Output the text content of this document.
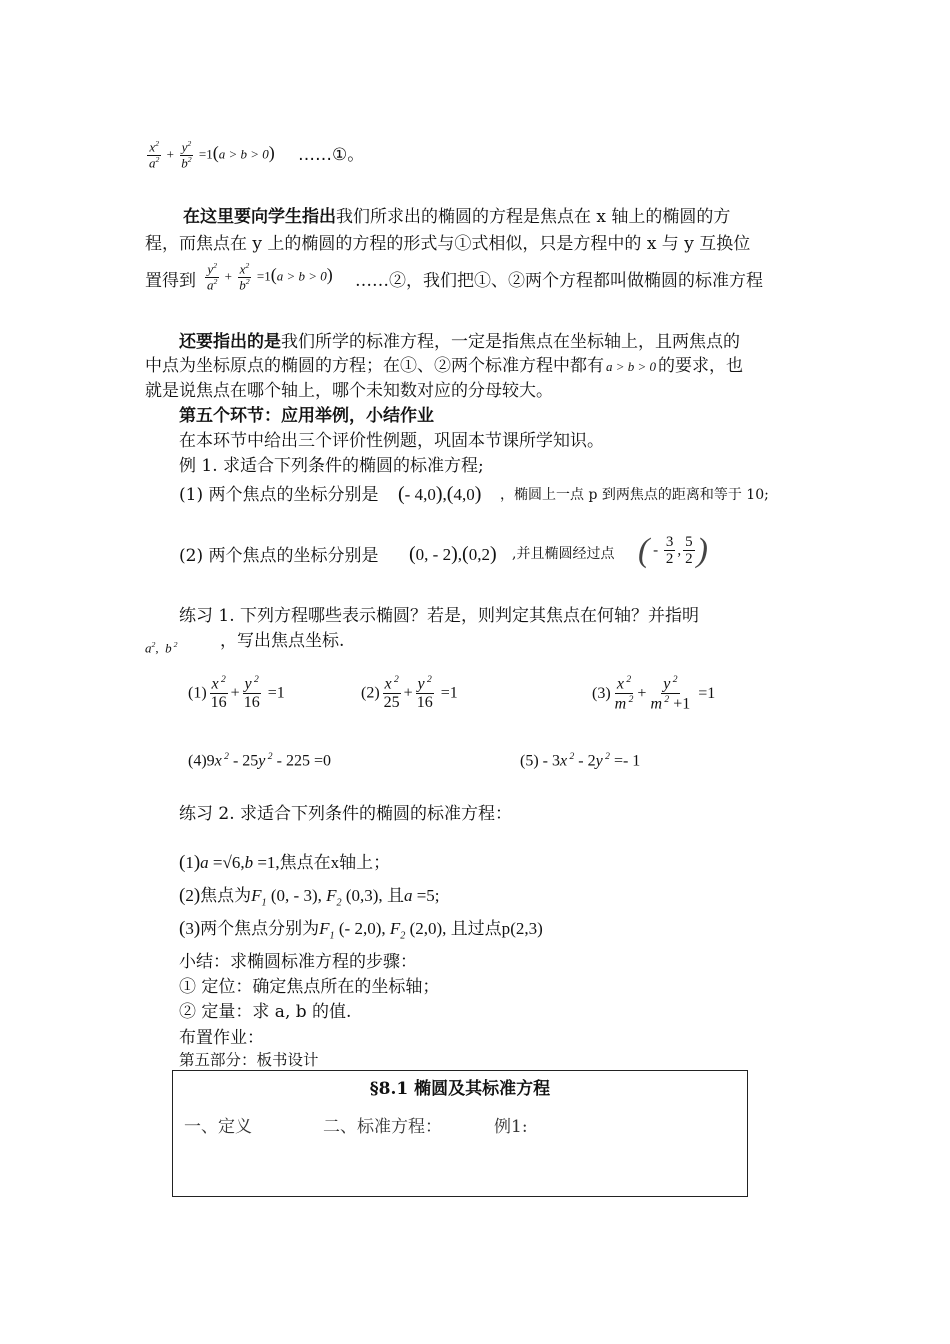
$\frac{x^2}{a^2} + \frac{y^2}{b^2} =1(a > b > 0)$ ……①。
在这里要向学生指出我们所求出的椭圆的方程是焦点在 x 轴上的椭圆的方
程，而焦点在 y 上的椭圆的方程的形式与①式相似，只是方程中的 x 与 y 互换位
置得到 $\frac{y^2}{a^2} + \frac{x^2}{b^2} =1(a > b > 0)$ ……②，我们把①、②两个方程都叫做椭圆的标准方程
还要指出的是我们所学的标准方程，一定是指焦点在坐标轴上，且两焦点的
中点为坐标原点的椭圆的方程；在①、②两个标准方程中都有 a > b > 0 的要求，也
就是说焦点在哪个轴上，哪个未知数对应的分母较大。
第五个环节：应用举例，小结作业
在本环节中给出三个评价性例题，巩固本节课所学知识。
例 1. 求适合下列条件的椭圆的标准方程;
(1) 两个焦点的坐标分别是 (- 4,0),(4,0) ，椭圆上一点 p 到两焦点的距离和等于 10;
(2) 两个焦点的坐标分别是 (0, - 2),(0,2) ,并且椭圆经过点 ( - $\frac{3}{2}$ , $\frac{5}{2}$ )
练习 1. 下列方程哪些表示椭圆？若是，则判定其焦点在何轴？并指明
$a^2$,  b $^2$ ，写出焦点坐标.
$(1) \frac{x ^2}{16} + \frac{y ^2}{16} =1$	$(2) \frac{x ^2}{25} + \frac{y ^2}{16} =1$	$(3) \frac{x ^2}{m ^2} + \frac{y ^2}{m ^2 +1} =1$
(4)9x $^2$ - 25y $^2$ - 225 =0	(5) - 3x $^2$ - 2y $^2$ =- 1
练习 2. 求适合下列条件的椭圆的标准方程：
(1)a =√6,b =1,焦点在x轴上；
(2)焦点为$F_1$ (0, - 3), $F_2$ (0,3), 且a =5;
(3)两个焦点分别为$F_1$ (- 2,0), $F_2$ (2,0), 且过点p(2,3)
小结：求椭圆标准方程的步骤：
① 定位：确定焦点所在的坐标轴；
② 定量：求 a, b 的值.
布置作业：
第五部分：板书设计
§8.1 椭圆及其标准方程
一、定义	二、标准方程：	例1:
